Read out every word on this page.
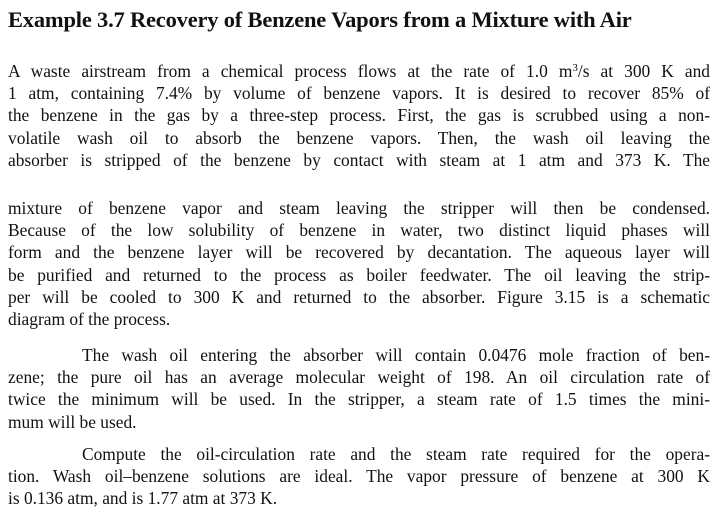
Example 3.7 Recovery of Benzene Vapors from a Mixture with Air
A waste airstream from a chemical process flows at the rate of 1.0 $m^3/s$ at 300 K and
1 atm, containing 7.4% by volume of benzene vapors. It is desired to recover 85% of
the benzene in the gas by a three-step process. First, the gas is scrubbed using a non-
volatile wash oil to absorb the benzene vapors. Then, the wash oil leaving the
absorber is stripped of the benzene by contact with steam at 1 atm and 373 K. The
mixture of benzene vapor and steam leaving the stripper will then be condensed.
Because of the low solubility of benzene in water, two distinct liquid phases will
form and the benzene layer will be recovered by decantation. The aqueous layer will
be purified and returned to the process as boiler feedwater. The oil leaving the strip-
per will be cooled to 300 K and returned to the absorber. Figure 3.15 is a schematic
diagram of the process.
The wash oil entering the absorber will contain 0.0476 mole fraction of ben-
zene; the pure oil has an average molecular weight of 198. An oil circulation rate of
twice the minimum will be used. In the stripper, a steam rate of 1.5 times the mini-
mum will be used.
Compute the oil-circulation rate and the steam rate required for the opera-
tion. Wash oil–benzene solutions are ideal. The vapor pressure of benzene at 300 K
is 0.136 atm, and is 1.77 atm at 373 K.
